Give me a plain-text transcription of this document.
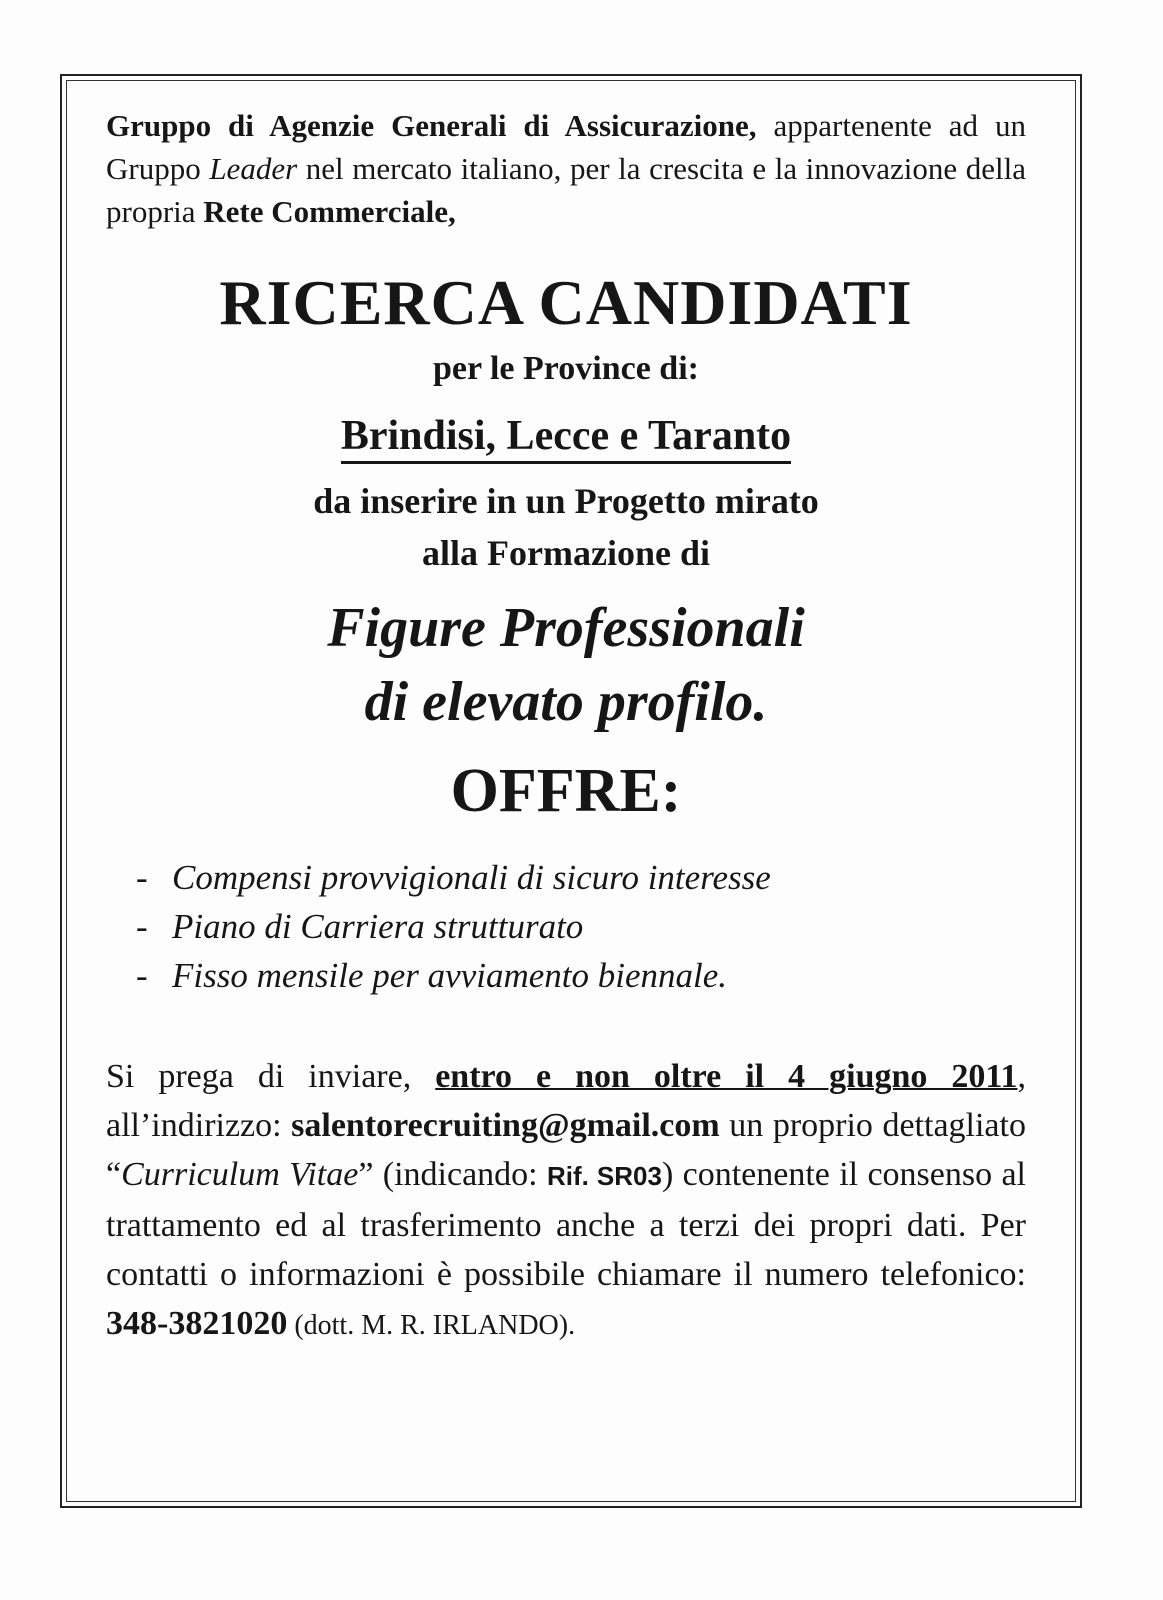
Gruppo di Agenzie Generali di Assicurazione, appartenente ad un Gruppo Leader nel mercato italiano, per la crescita e la innovazione della propria Rete Commerciale,

RICERCA CANDIDATI

per le Province di:

Brindisi, Lecce e Taranto

da inserire in un Progetto mirato
alla Formazione di

Figure Professionali
di elevato profilo.

OFFRE:
- Compensi provvigionali di sicuro interesse
- Piano di Carriera strutturato
- Fisso mensile per avviamento biennale.

Si prega di inviare, entro e non oltre il 4 giugno 2011, all’indirizzo: salentorecruiting@gmail.com un proprio dettagliato “Curriculum Vitae” (indicando: Rif. SR03) contenente il consenso al trattamento ed al trasferimento anche a terzi dei propri dati. Per contatti o informazioni è possibile chiamare il numero telefonico: 348-3821020 (dott. M. R. IRLANDO).
